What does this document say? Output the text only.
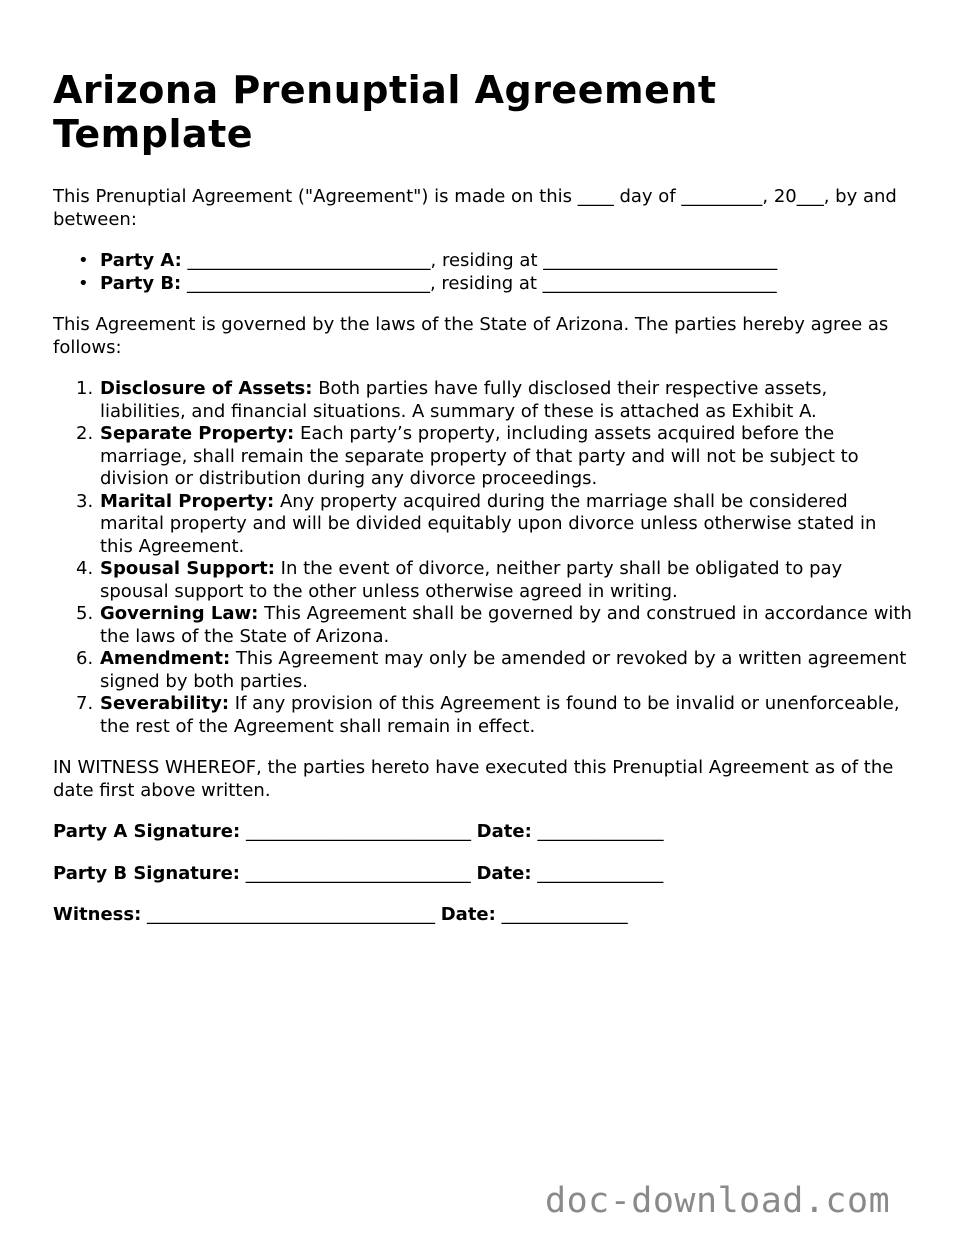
Arizona Prenuptial Agreement Template

This Prenuptial Agreement ("Agreement") is made on this ____ day of _________, 20___, by and between:

• Party A: ___________________________, residing at __________________________
• Party B: ___________________________, residing at __________________________

This Agreement is governed by the laws of the State of Arizona. The parties hereby agree as follows:

1. Disclosure of Assets: Both parties have fully disclosed their respective assets, liabilities, and financial situations. A summary of these is attached as Exhibit A.
2. Separate Property: Each party’s property, including assets acquired before the marriage, shall remain the separate property of that party and will not be subject to division or distribution during any divorce proceedings.
3. Marital Property: Any property acquired during the marriage shall be considered marital property and will be divided equitably upon divorce unless otherwise stated in this Agreement.
4. Spousal Support: In the event of divorce, neither party shall be obligated to pay spousal support to the other unless otherwise agreed in writing.
5. Governing Law: This Agreement shall be governed by and construed in accordance with the laws of the State of Arizona.
6. Amendment: This Agreement may only be amended or revoked by a written agreement signed by both parties.
7. Severability: If any provision of this Agreement is found to be invalid or unenforceable, the rest of the Agreement shall remain in effect.

IN WITNESS WHEREOF, the parties hereto have executed this Prenuptial Agreement as of the date first above written.

Party A Signature: _________________________ Date: ______________
Party B Signature: _________________________ Date: ______________
Witness: ________________________________ Date: ______________
doc-download.com
